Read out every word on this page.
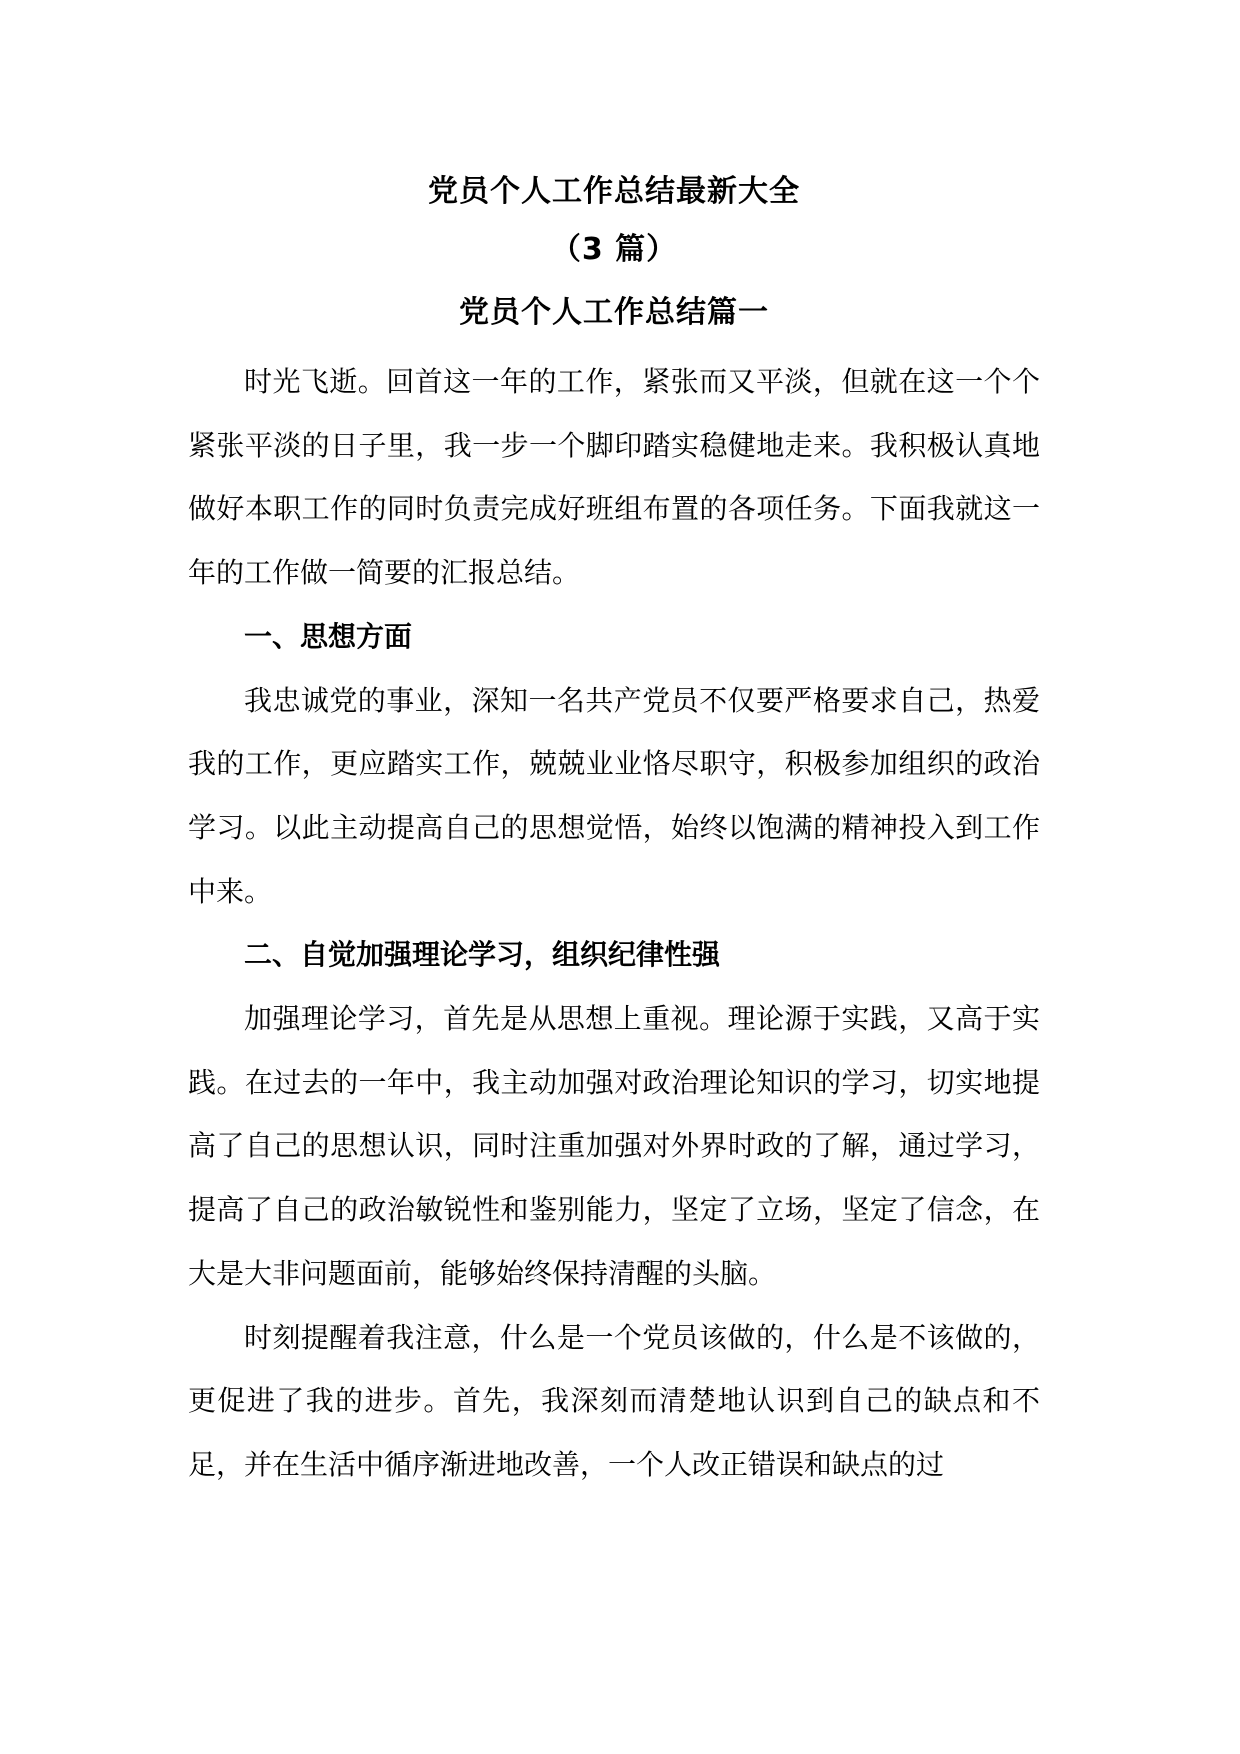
党员个人工作总结最新大全
（3 篇）
党员个人工作总结篇一

时光飞逝。回首这一年的工作，紧张而又平淡，但就在这一个个紧张平淡的日子里，我一步一个脚印踏实稳健地走来。我积极认真地做好本职工作的同时负责完成好班组布置的各项任务。下面我就这一年的工作做一简要的汇报总结。

一、思想方面

我忠诚党的事业，深知一名共产党员不仅要严格要求自己，热爱我的工作，更应踏实工作，兢兢业业恪尽职守，积极参加组织的政治学习。以此主动提高自己的思想觉悟，始终以饱满的精神投入到工作中来。

二、自觉加强理论学习，组织纪律性强

加强理论学习，首先是从思想上重视。理论源于实践，又高于实践。在过去的一年中，我主动加强对政治理论知识的学习，切实地提高了自己的思想认识，同时注重加强对外界时政的了解，通过学习，提高了自己的政治敏锐性和鉴别能力，坚定了立场，坚定了信念，在大是大非问题面前，能够始终保持清醒的头脑。

时刻提醒着我注意，什么是一个党员该做的，什么是不该做的，更促进了我的进步。首先，我深刻而清楚地认识到自己的缺点和不足，并在生活中循序渐进地改善，一个人改正错误和缺点的过
